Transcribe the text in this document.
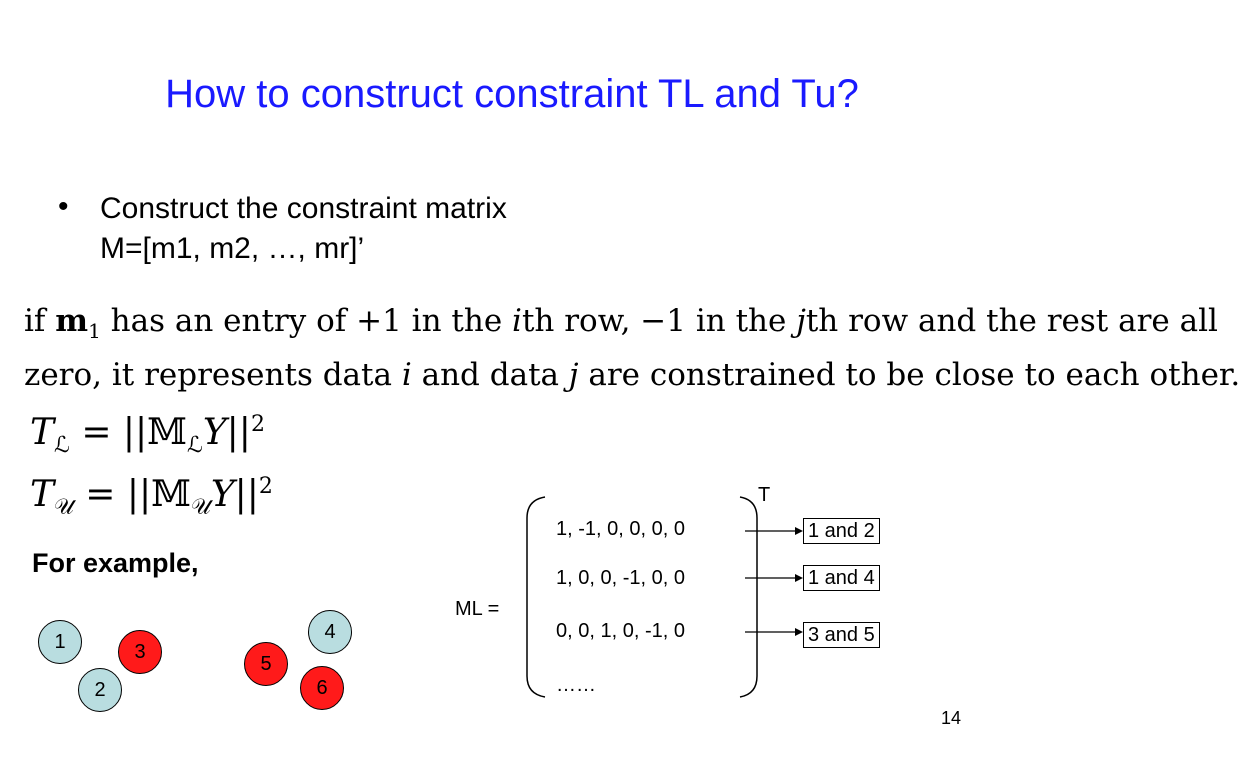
How to construct constraint TL and Tu?
• Construct the constraint matrix
M=[m1, m2, …, mr]’
if $m_1$ has an entry of +1 in the ith row, −1 in the jth row and the rest are all
zero, it represents data i and data j are constrained to be close to each other.
$T_ℒ$ = $||𝕄_ℒY||^2$
$T_𝒰$ = $||𝕄_𝒰Y||^2$
For example,
1	3
2
4
5
6
ML =
T
1, -1, 0, 0, 0, 0
1, 0, 0, -1, 0, 0
0, 0, 1, 0, -1, 0
……
1 and 2
1 and 4
3 and 5
14
